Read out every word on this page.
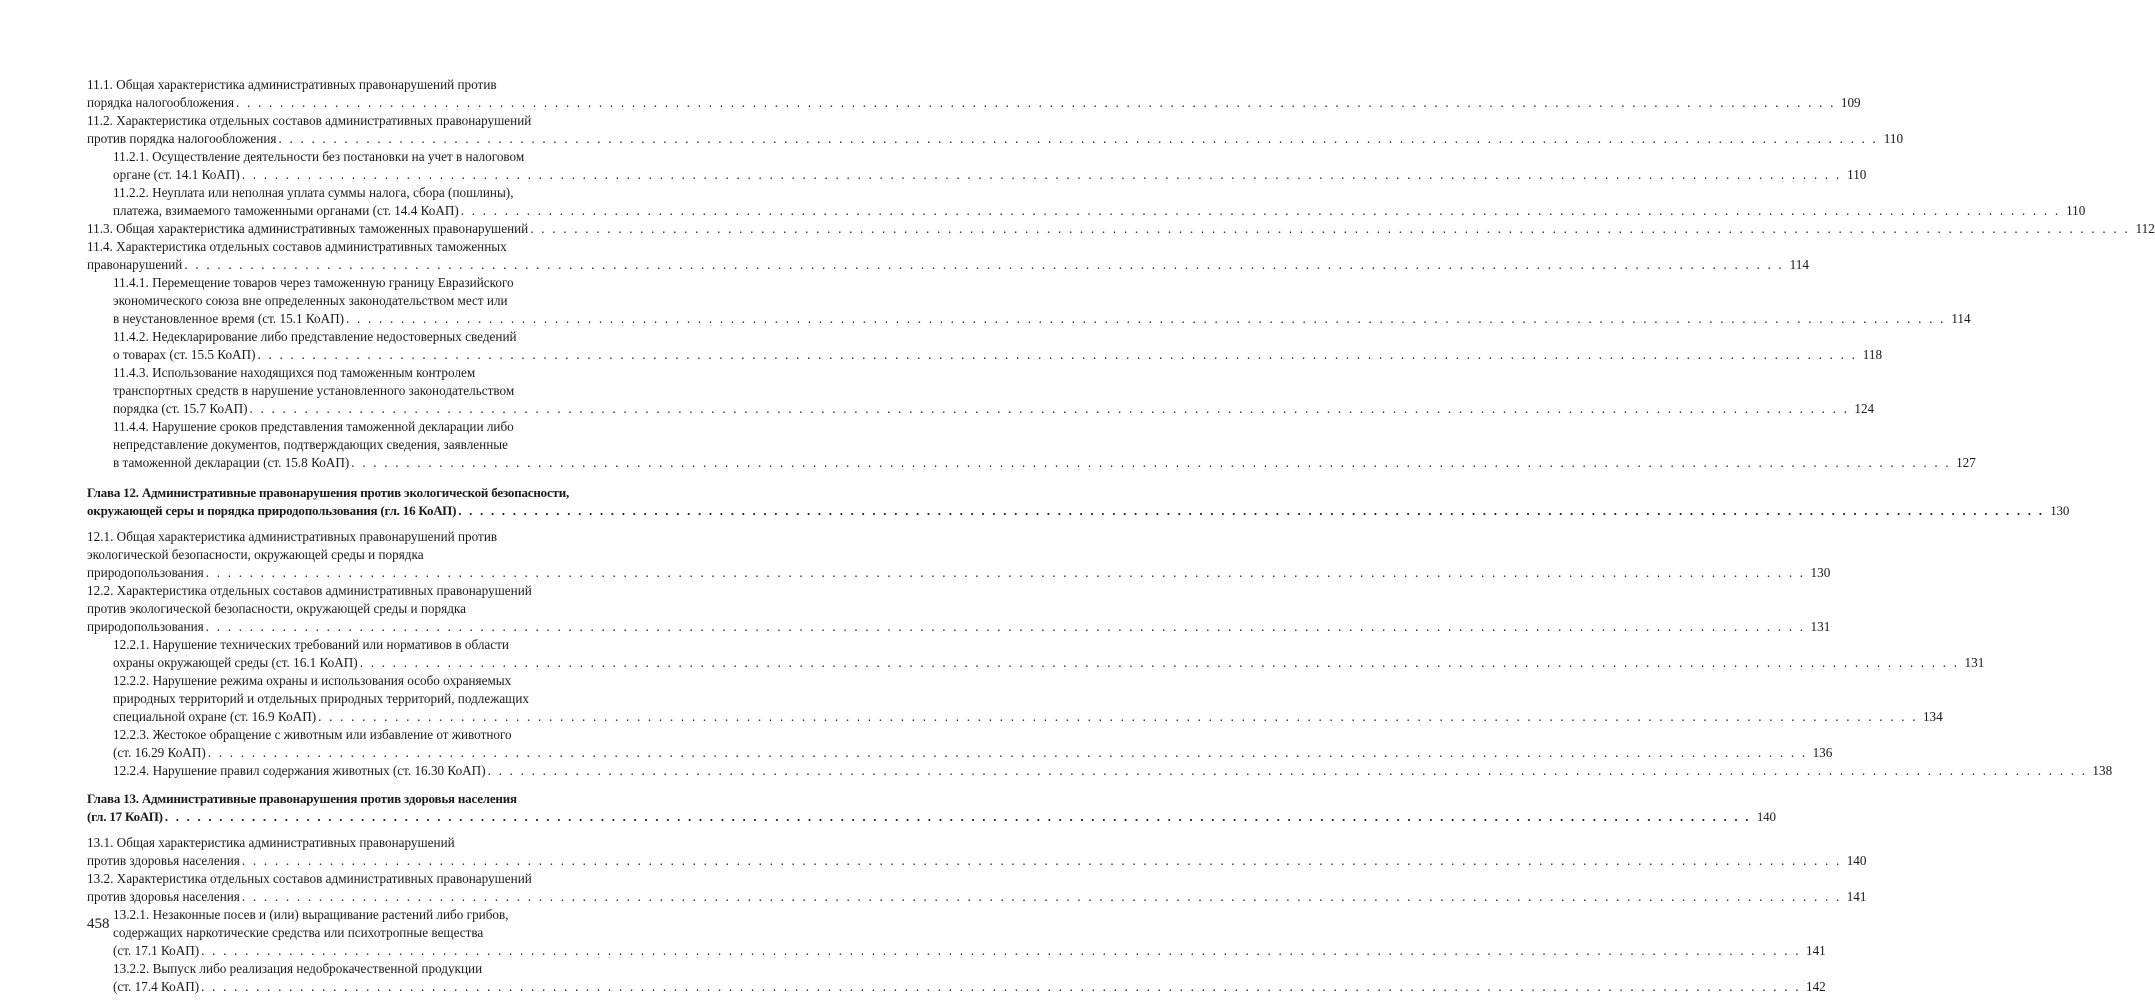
11.1. Общая характеристика административных правонарушений против
порядка налогообложения . . .	109
11.2. Характеристика отдельных составов административных правонарушений
против порядка налогообложения . . .	110
11.2.1. Осуществление деятельности без постановки на учет в налоговом
органе (ст. 14.1 КоАП) . . .	110
11.2.2. Неуплата или неполная уплата суммы налога, сбора (пошлины),
платежа, взимаемого таможенными органами (ст. 14.4 КоАП) . . .	110
11.3. Общая характеристика административных таможенных правонарушений . . .	112
11.4. Характеристика отдельных составов административных таможенных
правонарушений . . .	114
11.4.1. Перемещение товаров через таможенную границу Евразийского
экономического союза вне определенных законодательством мест или
в неустановленное время (ст. 15.1 КоАП) . . .	114
11.4.2. Недекларирование либо представление недостоверных сведений
о товарах (ст. 15.5 КоАП) . . .	118
11.4.3. Использование находящихся под таможенным контролем
транспортных средств в нарушение установленного законодательством
порядка (ст. 15.7 КоАП) . . .	124
11.4.4. Нарушение сроков представления таможенной декларации либо
непредставление документов, подтверждающих сведения, заявленные
в таможенной декларации (ст. 15.8 КоАП) . . .	127
Глава 12. Административные правонарушения против экологической безопасности,
окружающей серы и порядка природопользования (гл. 16 КоАП) . . .	130
12.1. Общая характеристика административных правонарушений против
экологической безопасности, окружающей среды и порядка
природопользования . . .	130
12.2. Характеристика отдельных составов административных правонарушений
против экологической безопасности, окружающей среды и порядка
природопользования . . .	131
12.2.1. Нарушение технических требований или нормативов в области
охраны окружающей среды (ст. 16.1 КоАП) . . .	131
12.2.2. Нарушение режима охраны и использования особо охраняемых
природных территорий и отдельных природных территорий, подлежащих
специальной охране (ст. 16.9 КоАП) . . .	134
12.2.3. Жестокое обращение с животным или избавление от животного
(ст. 16.29 КоАП) . . .	136
12.2.4. Нарушение правил содержания животных (ст. 16.30 КоАП) . . .	138
Глава 13. Административные правонарушения против здоровья населения
(гл. 17 КоАП) . . .	140
13.1. Общая характеристика административных правонарушений
против здоровья населения . . .	140
13.2. Характеристика отдельных составов административных правонарушений
против здоровья населения . . .	141
13.2.1. Незаконные посев и (или) выращивание растений либо грибов,
содержащих наркотические средства или психотропные вещества
(ст. 17.1 КоАП) . . .	141
13.2.2. Выпуск либо реализация недоброкачественной продукции
(ст. 17.4 КоАП) . . .	142
458
